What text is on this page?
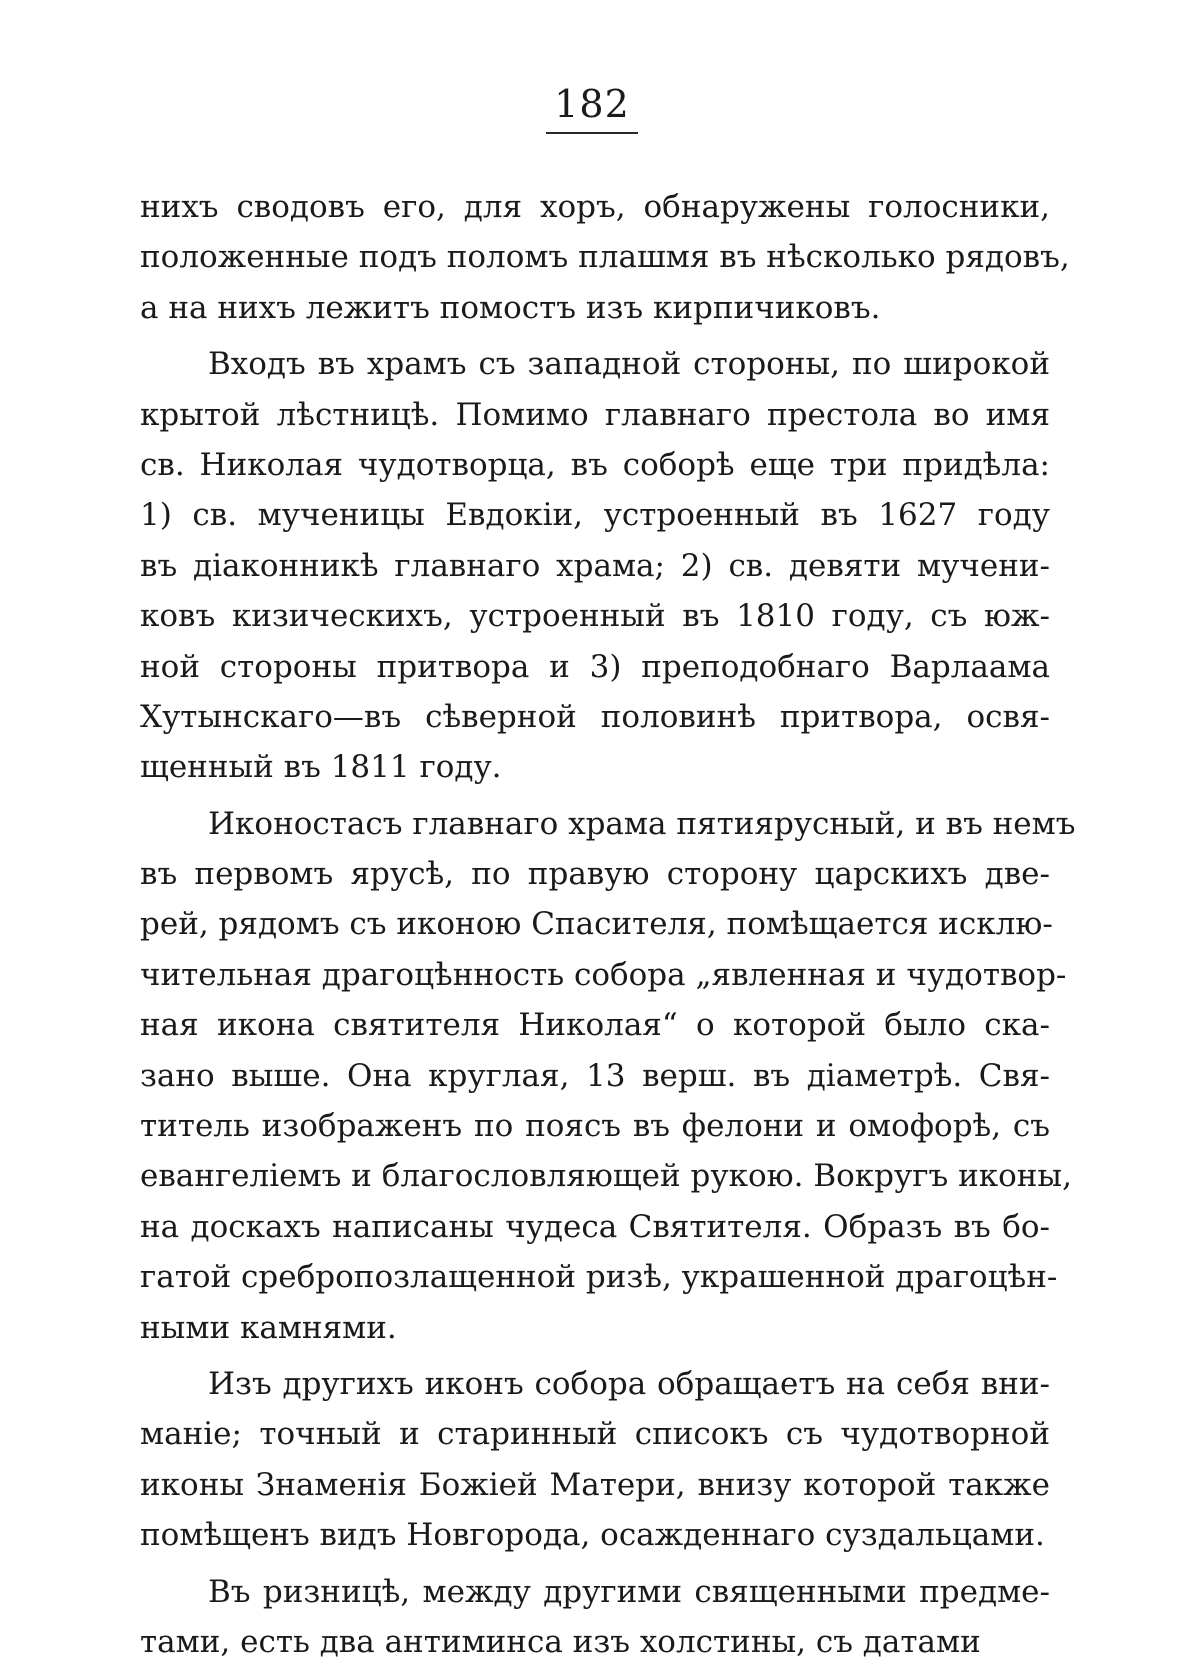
182
нихъ сводовъ его, для хоръ, обнаружены голосники,
положенные подъ поломъ плашмя въ нѣсколько рядовъ,
а на нихъ лежитъ помостъ изъ кирпичиковъ.
Входъ въ храмъ съ западной стороны, по широкой
крытой лѣстницѣ. Помимо главнаго престола во имя
св. Николая чудотворца, въ соборѣ еще три придѣла:
1) св. мученицы Евдокіи, устроенный въ 1627 году
въ діаконникѣ главнаго храма; 2) св. девяти мучени-
ковъ кизическихъ, устроенный въ 1810 году, съ юж-
ной стороны притвора и 3) преподобнаго Варлаама
Хутынскаго—въ сѣверной половинѣ притвора, освя-
щенный въ 1811 году.
Иконостасъ главнаго храма пятиярусный, и въ немъ
въ первомъ ярусѣ, по правую сторону царскихъ две-
рей, рядомъ съ иконою Спасителя, помѣщается исклю-
чительная драгоцѣнность собора „явленная и чудотвор-
ная икона святителя Николая“ о которой было ска-
зано выше. Она круглая, 13 верш. въ діаметрѣ. Свя-
титель изображенъ по поясъ въ фелони и омофорѣ, съ
евангеліемъ и благословляющей рукою. Вокругъ иконы,
на доскахъ написаны чудеса Святителя. Образъ въ бо-
гатой сребропозлащенной ризѣ, украшенной драгоцѣн-
ными камнями.
Изъ другихъ иконъ собора обращаетъ на себя вни-
маніе; точный и старинный списокъ съ чудотворной
иконы Знаменія Божіей Матери, внизу которой также
помѣщенъ видъ Новгорода, осажденнаго суздальцами.
Въ ризницѣ, между другими священными предме-
тами, есть два антиминса изъ холстины, съ датами
